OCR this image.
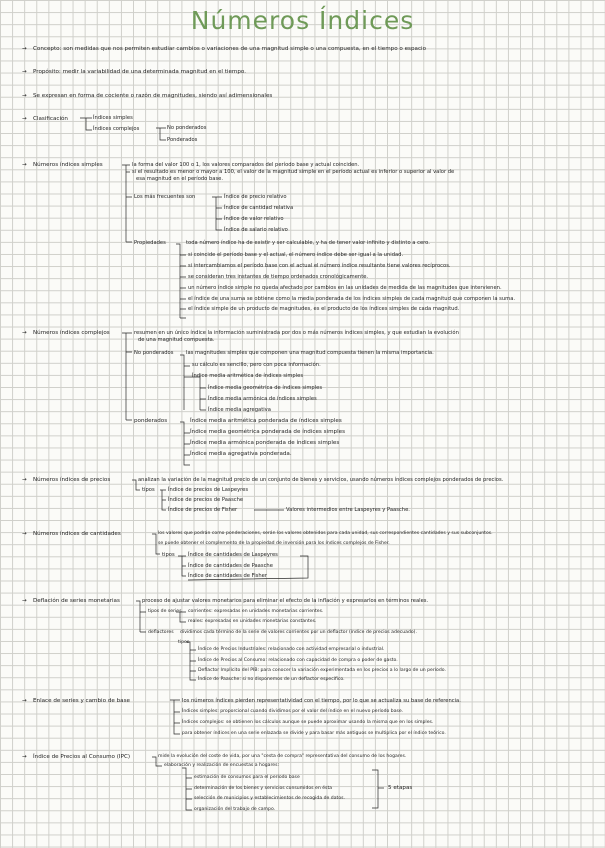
Números Índices
→ Concepto: son medidas que nos permiten estudiar cambios o variaciones de una magnitud simple o una compuesta, en el tiempo o espacio
→ Propósito: medir la variabilidad de una determinada magnitud en el tiempo.
→ Se expresan en forma de cociente o razón de magnitudes, siendo así adimensionales
→ Clasificación	Índices simples
Índices complejos	No ponderados
Ponderados
→ Números índices simples	la forma del valor 100 o 1, los valores comparados del período base y actual coinciden.
si el resultado es menor o mayor a 100, el valor de la magnitud simple en el período actual es inferior o superior al valor de
esa magnitud en el período base.
Los más frecuentes son	Índice de precio relativo
Índice de cantidad relativa
Índice de valor relativo
Índice de salario relativo
Propiedades	toda número índice ha de existir y ser calculable, y ha de tener valor infinito y distinto a cero.
si coincide el período base y el actual, el número índice debe ser igual a la unidad.
si intercambiamos el período base con el actual el número índice resultante tiene valores recíprocos.
se consideran tres instantes de tiempo ordenados cronológicamente.
un número índice simple no queda afectado por cambios en las unidades de medida de las magnitudes que intervienen.
el índice de una suma se obtiene como la media ponderada de los índices simples de cada magnitud que componen la suma.
el índice simple de un producto de magnitudes, es el producto de los índices simples de cada magnitud.
→ Números índices complejos	resumen en un único índice la información suministrada por dos o más números índices simples, y que estudian la evolución
de una magnitud compuesta.
No ponderados las magnitudes simples que componen una magnitud compuesta tienen la misma importancia.
su cálculo es sencillo, pero con poca información.
Índice media aritmética de índices simples
Índice media geométrica de índices simples
Índice media armónica de índices simples
Índice media agregativa
ponderados	Índice media aritmética ponderada de índices simples
Índice media geométrica ponderada de índices simples
Índice media armónica ponderada de índices simples
Índice media agregativa ponderada.
→ Números índices de precios	analizan la variación de la magnitud precio de un conjunto de bienes y servicios, usando números índices complejos ponderados de precios.
tipos	Índice de precios de Laspeyres
Índice de precios de Paasche
Índice de precios de Fisher	Valores intermedios entre Laspeyres y Paasche.
→ Números índices de cantidades	los valores que podrán como ponderaciones, serán los valores obtenidos para cada unidad, sus correspondientes cantidades y sus subconjuntos.
se puede obtener el complemento de la propiedad de inversión para los índices complejos de Fisher.
tipos	Índice de cantidades de Laspeyres
Índice de cantidades de Paasche
Índice de cantidades de Fisher
→ Deflación de series monetarias	proceso de ajustar valores monetarios para eliminar el efecto de la inflación y expresarlos en términos reales.
tipos de series corrientes: expresadas en unidades monetarias corrientes.
reales: expresadas en unidades monetarias constantes.
deflactores dividimos cada término de la serie de valores corrientes por un deflactor (índice de precios adecuado).
tipos
Índice de Precios Industriales: relacionado con actividad empresarial o industrial.
Índice de Precios al Consumo: relacionado con capacidad de compra o poder de gasto.
Deflactor Implícito del PIB: para conocer la variación experimentada en los precios a lo largo de un período.
Índice de Paasche: si no disponemos de un deflactor específico.
→ Enlace de series y cambio de base	los números índices pierden representatividad con el tiempo, por lo que se actualiza su base de referencia.
Índices simples: proporcional cuando dividimos por el valor del índice en el nuevo período base.
Índices complejos: se obtienen los cálculos aunque se puede aproximar usando la misma que en los simples.
para obtener índices en una serie enlazada se divide y para basar más antiguos se multiplica por el índice teórico.
→ Índice de Precios al Consumo (IPC)	mide la evolución del coste de vida, por una "cesta de compra" representativa del consumo de los hogares.
elaboración y realización de encuestas a hogares:
estimación de consumos para el período base
determinación de los bienes y servicios consumidos en ésta
selección de municipios y establecimientos de recogida de datos.
organización del trabajo de campo.
5 etapas
